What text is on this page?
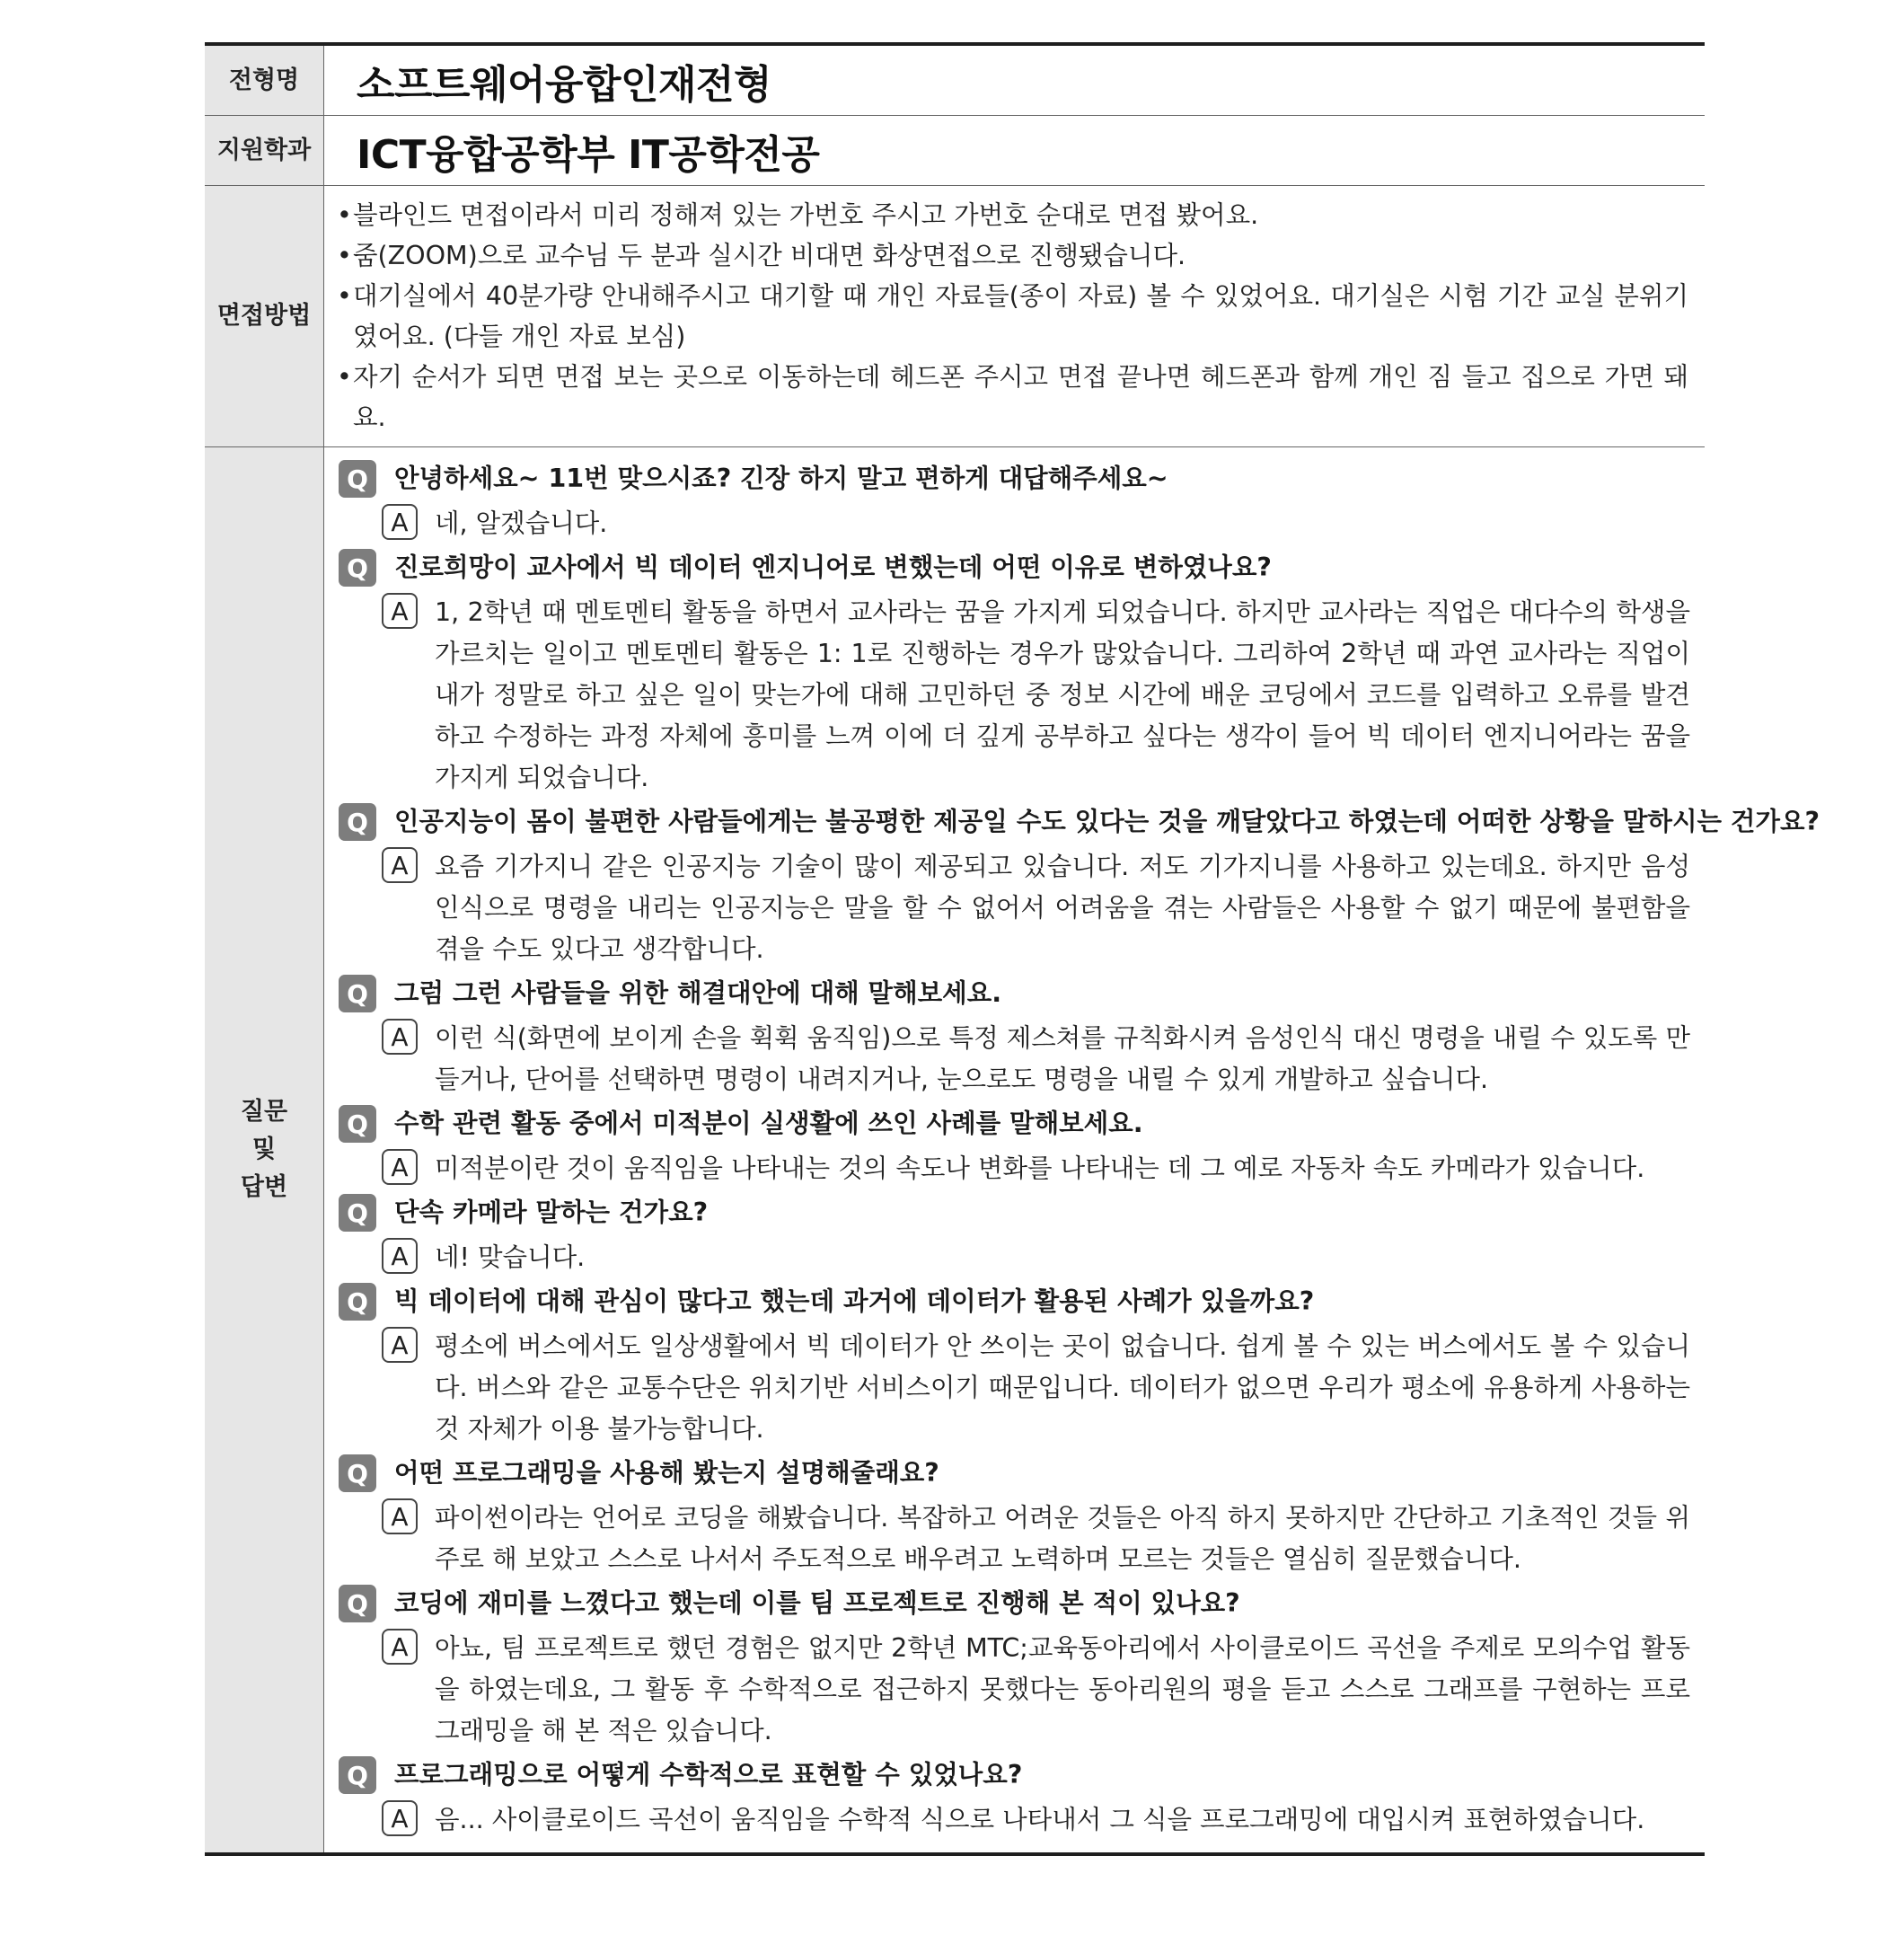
전형명	소프트웨어융합인재전형
지원학과	ICT융합공학부 IT공학전공
면접방법
• 블라인드 면접이라서 미리 정해져 있는 가번호 주시고 가번호 순대로 면접 봤어요.
• 줌(ZOOM)으로 교수님 두 분과 실시간 비대면 화상면접으로 진행됐습니다.
• 대기실에서 40분가량 안내해주시고 대기할 때 개인 자료들(종이 자료) 볼 수 있었어요. 대기실은 시험 기간 교실 분위기였어요. (다들 개인 자료 보심)
• 자기 순서가 되면 면접 보는 곳으로 이동하는데 헤드폰 주시고 면접 끝나면 헤드폰과 함께 개인 짐 들고 집으로 가면 돼요.
질문
및
답변
Q	안녕하세요~ 11번 맞으시죠? 긴장 하지 말고 편하게 대답해주세요~
A	네, 알겠습니다.
Q	진로희망이 교사에서 빅 데이터 엔지니어로 변했는데 어떤 이유로 변하였나요?
A	1, 2학년 때 멘토멘티 활동을 하면서 교사라는 꿈을 가지게 되었습니다. 하지만 교사라는 직업은 대다수의 학생을 가르치는 일이고 멘토멘티 활동은 1: 1로 진행하는 경우가 많았습니다. 그리하여 2학년 때 과연 교사라는 직업이 내가 정말로 하고 싶은 일이 맞는가에 대해 고민하던 중 정보 시간에 배운 코딩에서 코드를 입력하고 오류를 발견하고 수정하는 과정 자체에 흥미를 느껴 이에 더 깊게 공부하고 싶다는 생각이 들어 빅 데이터 엔지니어라는 꿈을 가지게 되었습니다.
Q	인공지능이 몸이 불편한 사람들에게는 불공평한 제공일 수도 있다는 것을 깨달았다고 하였는데 어떠한 상황을 말하시는 건가요?
A	요즘 기가지니 같은 인공지능 기술이 많이 제공되고 있습니다. 저도 기가지니를 사용하고 있는데요. 하지만 음성인식으로 명령을 내리는 인공지능은 말을 할 수 없어서 어려움을 겪는 사람들은 사용할 수 없기 때문에 불편함을 겪을 수도 있다고 생각합니다.
Q	그럼 그런 사람들을 위한 해결대안에 대해 말해보세요.
A	이런 식(화면에 보이게 손을 휙휙 움직임)으로 특정 제스쳐를 규칙화시켜 음성인식 대신 명령을 내릴 수 있도록 만들거나, 단어를 선택하면 명령이 내려지거나, 눈으로도 명령을 내릴 수 있게 개발하고 싶습니다.
Q	수학 관련 활동 중에서 미적분이 실생활에 쓰인 사례를 말해보세요.
A	미적분이란 것이 움직임을 나타내는 것의 속도나 변화를 나타내는 데 그 예로 자동차 속도 카메라가 있습니다.
Q	단속 카메라 말하는 건가요?
A	네! 맞습니다.
Q	빅 데이터에 대해 관심이 많다고 했는데 과거에 데이터가 활용된 사례가 있을까요?
A	평소에 버스에서도 일상생활에서 빅 데이터가 안 쓰이는 곳이 없습니다. 쉽게 볼 수 있는 버스에서도 볼 수 있습니다. 버스와 같은 교통수단은 위치기반 서비스이기 때문입니다. 데이터가 없으면 우리가 평소에 유용하게 사용하는 것 자체가 이용 불가능합니다.
Q	어떤 프로그래밍을 사용해 봤는지 설명해줄래요?
A	파이썬이라는 언어로 코딩을 해봤습니다. 복잡하고 어려운 것들은 아직 하지 못하지만 간단하고 기초적인 것들 위주로 해 보았고 스스로 나서서 주도적으로 배우려고 노력하며 모르는 것들은 열심히 질문했습니다.
Q	코딩에 재미를 느꼈다고 했는데 이를 팀 프로젝트로 진행해 본 적이 있나요?
A	아뇨, 팀 프로젝트로 했던 경험은 없지만 2학년 MTC;교육동아리에서 사이클로이드 곡선을 주제로 모의수업 활동을 하였는데요, 그 활동 후 수학적으로 접근하지 못했다는 동아리원의 평을 듣고 스스로 그래프를 구현하는 프로그래밍을 해 본 적은 있습니다.
Q	프로그래밍으로 어떻게 수학적으로 표현할 수 있었나요?
A	음... 사이클로이드 곡선이 움직임을 수학적 식으로 나타내서 그 식을 프로그래밍에 대입시켜 표현하였습니다.
